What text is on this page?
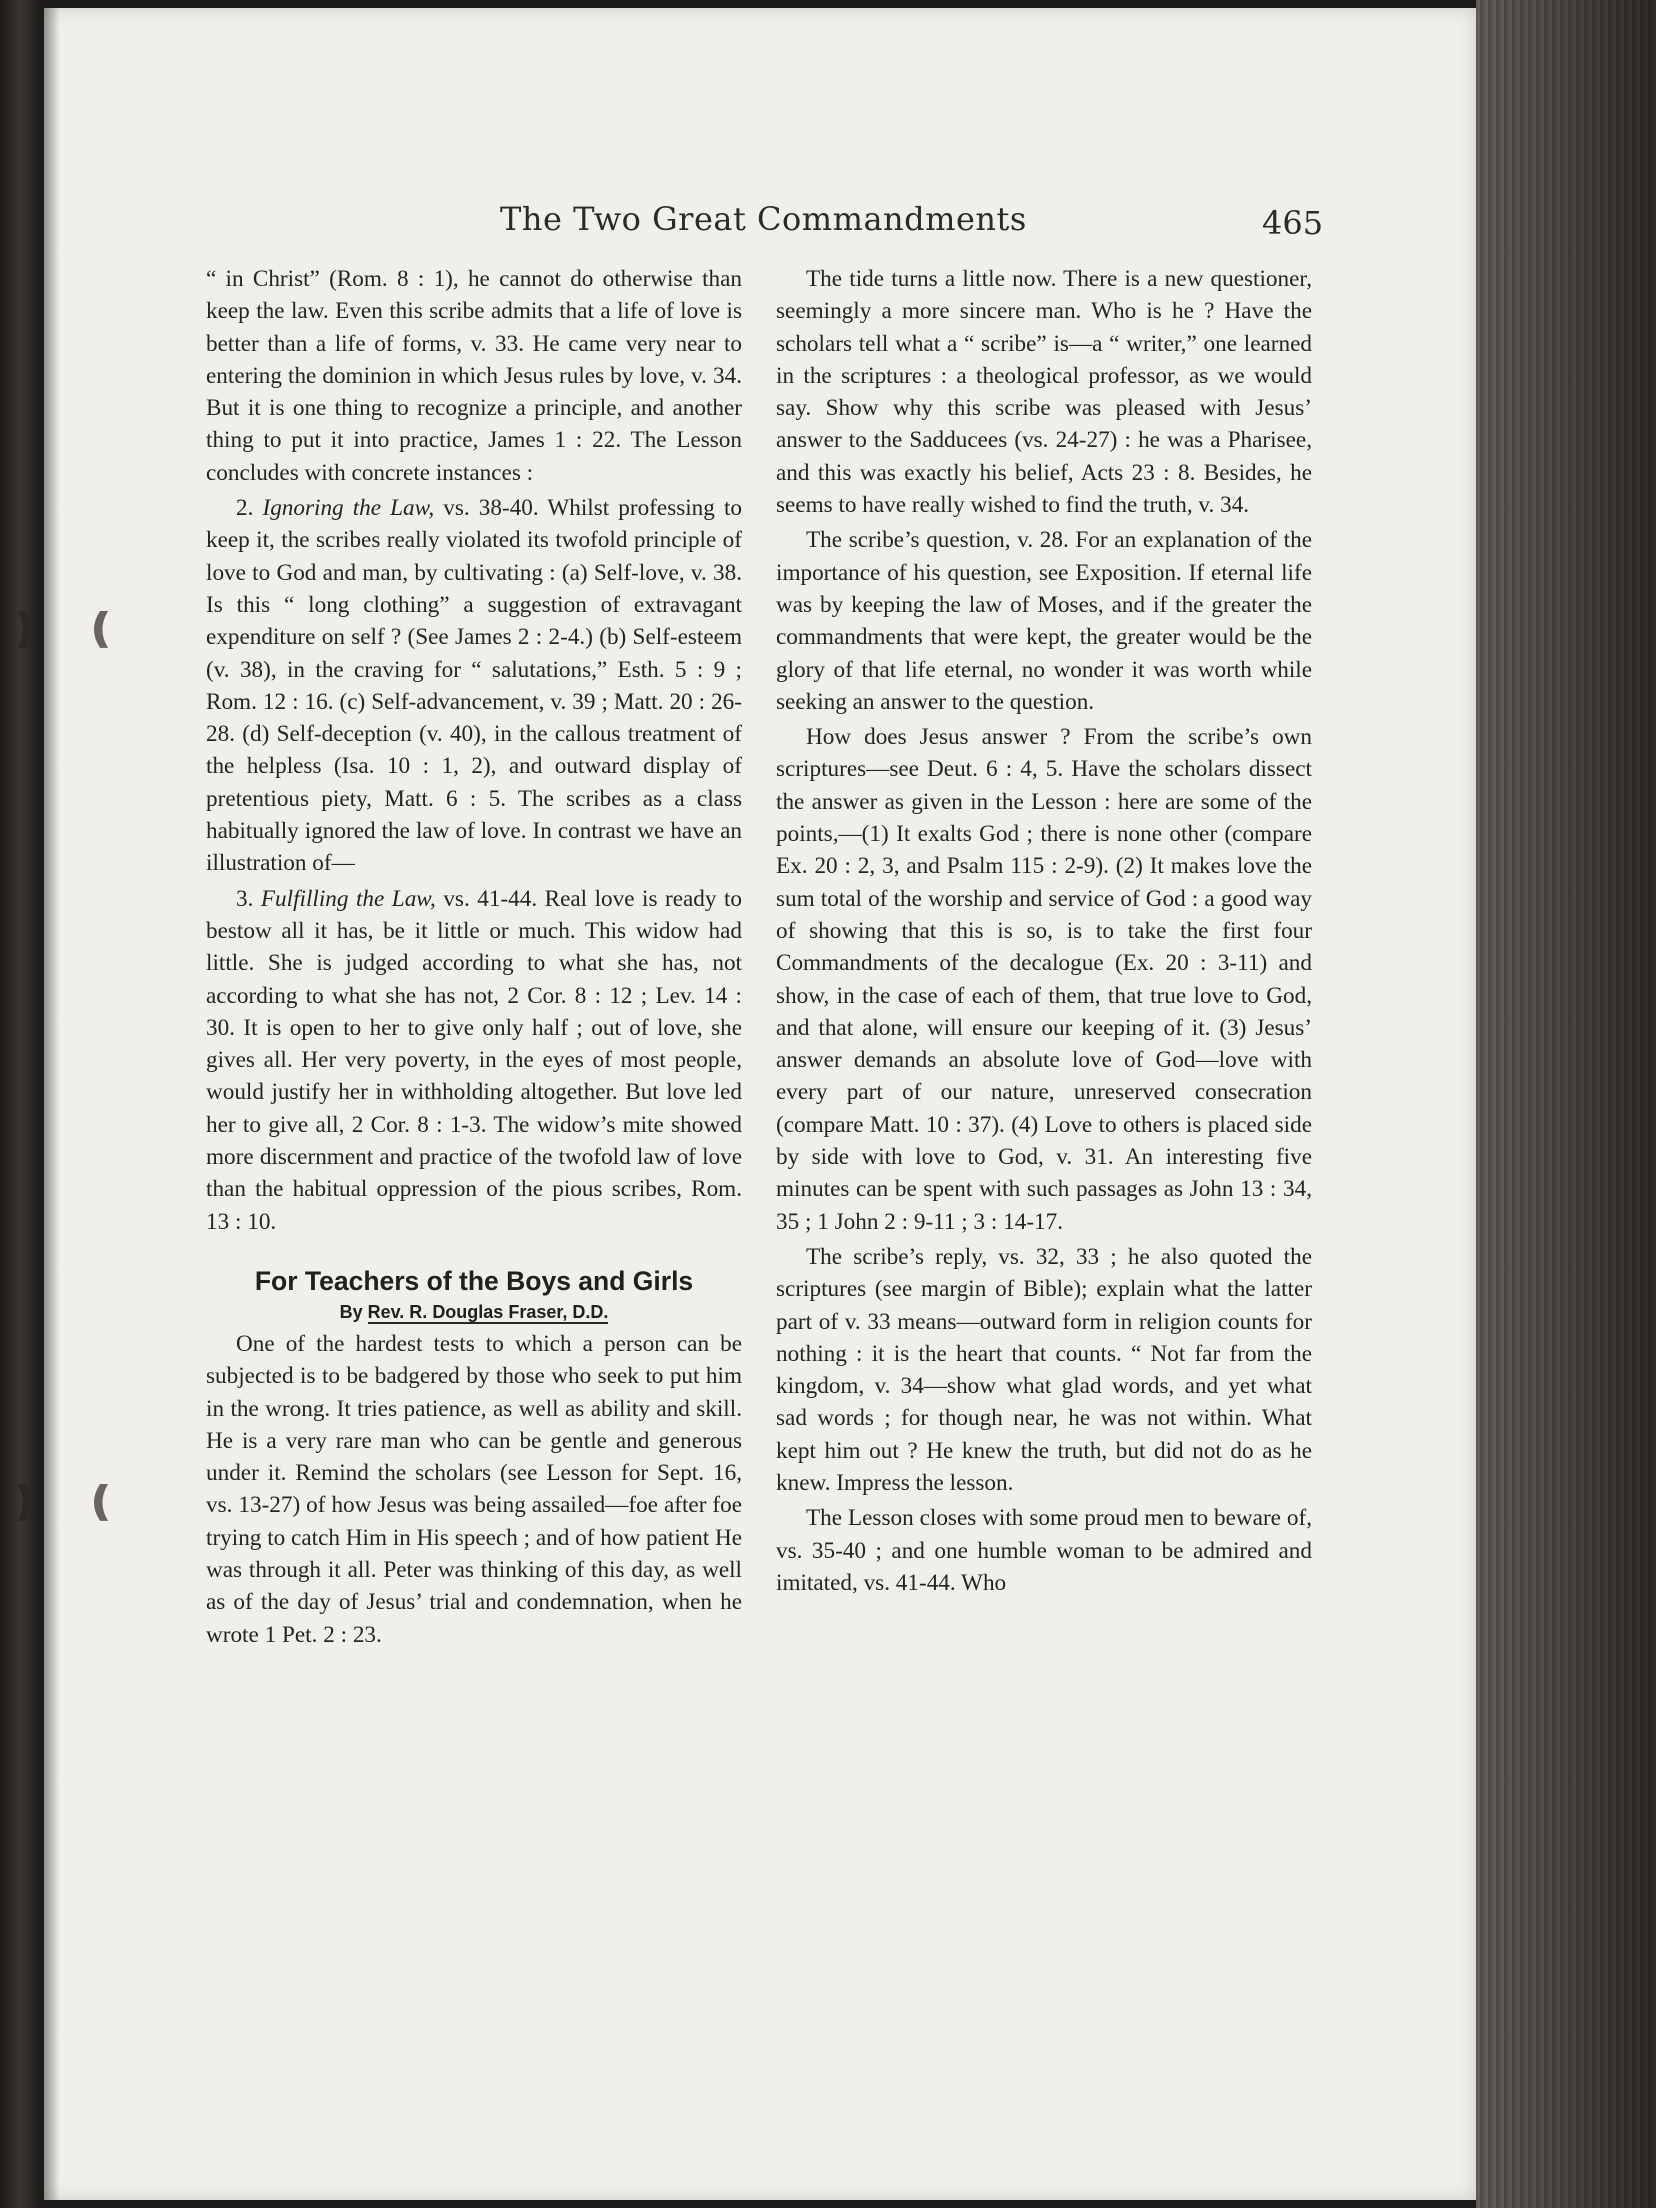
❫ ❪
❫ ❪
The Two Great Commandments	465

“ in Christ” (Rom. 8 : 1), he cannot do otherwise than keep the law. Even this scribe admits that a life of love is better than a life of forms, v. 33. He came very near to entering the dominion in which Jesus rules by love, v. 34. But it is one thing to recognize a principle, and another thing to put it into practice, James 1 : 22. The Lesson concludes with concrete instances :

2. Ignoring the Law, vs. 38-40. Whilst professing to keep it, the scribes really violated its twofold principle of love to God and man, by cultivating : (a) Self-love, v. 38. Is this “ long clothing” a suggestion of extravagant expenditure on self ? (See James 2 : 2-4.) (b) Self-esteem (v. 38), in the craving for “ salutations,” Esth. 5 : 9 ; Rom. 12 : 16. (c) Self-advancement, v. 39 ; Matt. 20 : 26-28. (d) Self-deception (v. 40), in the callous treatment of the helpless (Isa. 10 : 1, 2), and outward display of pretentious piety, Matt. 6 : 5. The scribes as a class habitually ignored the law of love. In contrast we have an illustration of—

3. Fulfilling the Law, vs. 41-44. Real love is ready to bestow all it has, be it little or much. This widow had little. She is judged according to what she has, not according to what she has not, 2 Cor. 8 : 12 ; Lev. 14 : 30. It is open to her to give only half ; out of love, she gives all. Her very poverty, in the eyes of most people, would justify her in withholding altogether. But love led her to give all, 2 Cor. 8 : 1-3. The widow’s mite showed more discernment and practice of the twofold law of love than the habitual oppression of the pious scribes, Rom. 13 : 10.

For Teachers of the Boys and Girls
By Rev. R. Douglas Fraser, D.D.

One of the hardest tests to which a person can be subjected is to be badgered by those who seek to put him in the wrong. It tries patience, as well as ability and skill. He is a very rare man who can be gentle and generous under it. Remind the scholars (see Lesson for Sept. 16, vs. 13-27) of how Jesus was being assailed—foe after foe trying to catch Him in His speech ; and of how patient He was through it all. Peter was thinking of this day, as well as of the day of Jesus’ trial and condemnation, when he wrote 1 Pet. 2 : 23.

The tide turns a little now. There is a new questioner, seemingly a more sincere man. Who is he ? Have the scholars tell what a “ scribe” is—a “ writer,” one learned in the scriptures : a theological professor, as we would say. Show why this scribe was pleased with Jesus’ answer to the Sadducees (vs. 24-27) : he was a Pharisee, and this was exactly his belief, Acts 23 : 8. Besides, he seems to have really wished to find the truth, v. 34.

The scribe’s question, v. 28. For an explanation of the importance of his question, see Exposition. If eternal life was by keeping the law of Moses, and if the greater the commandments that were kept, the greater would be the glory of that life eternal, no wonder it was worth while seeking an answer to the question.

How does Jesus answer ? From the scribe’s own scriptures—see Deut. 6 : 4, 5. Have the scholars dissect the answer as given in the Lesson : here are some of the points,—(1) It exalts God ; there is none other (compare Ex. 20 : 2, 3, and Psalm 115 : 2-9). (2) It makes love the sum total of the worship and service of God : a good way of showing that this is so, is to take the first four Commandments of the decalogue (Ex. 20 : 3-11) and show, in the case of each of them, that true love to God, and that alone, will ensure our keeping of it. (3) Jesus’ answer demands an absolute love of God—love with every part of our nature, unreserved consecration (compare Matt. 10 : 37). (4) Love to others is placed side by side with love to God, v. 31. An interesting five minutes can be spent with such passages as John 13 : 34, 35 ; 1 John 2 : 9-11 ; 3 : 14-17.

The scribe’s reply, vs. 32, 33 ; he also quoted the scriptures (see margin of Bible); explain what the latter part of v. 33 means—outward form in religion counts for nothing : it is the heart that counts. “ Not far from the kingdom, v. 34—show what glad words, and yet what sad words ; for though near, he was not within. What kept him out ? He knew the truth, but did not do as he knew. Impress the lesson.

The Lesson closes with some proud men to beware of, vs. 35-40 ; and one humble woman to be admired and imitated, vs. 41-44. Who
